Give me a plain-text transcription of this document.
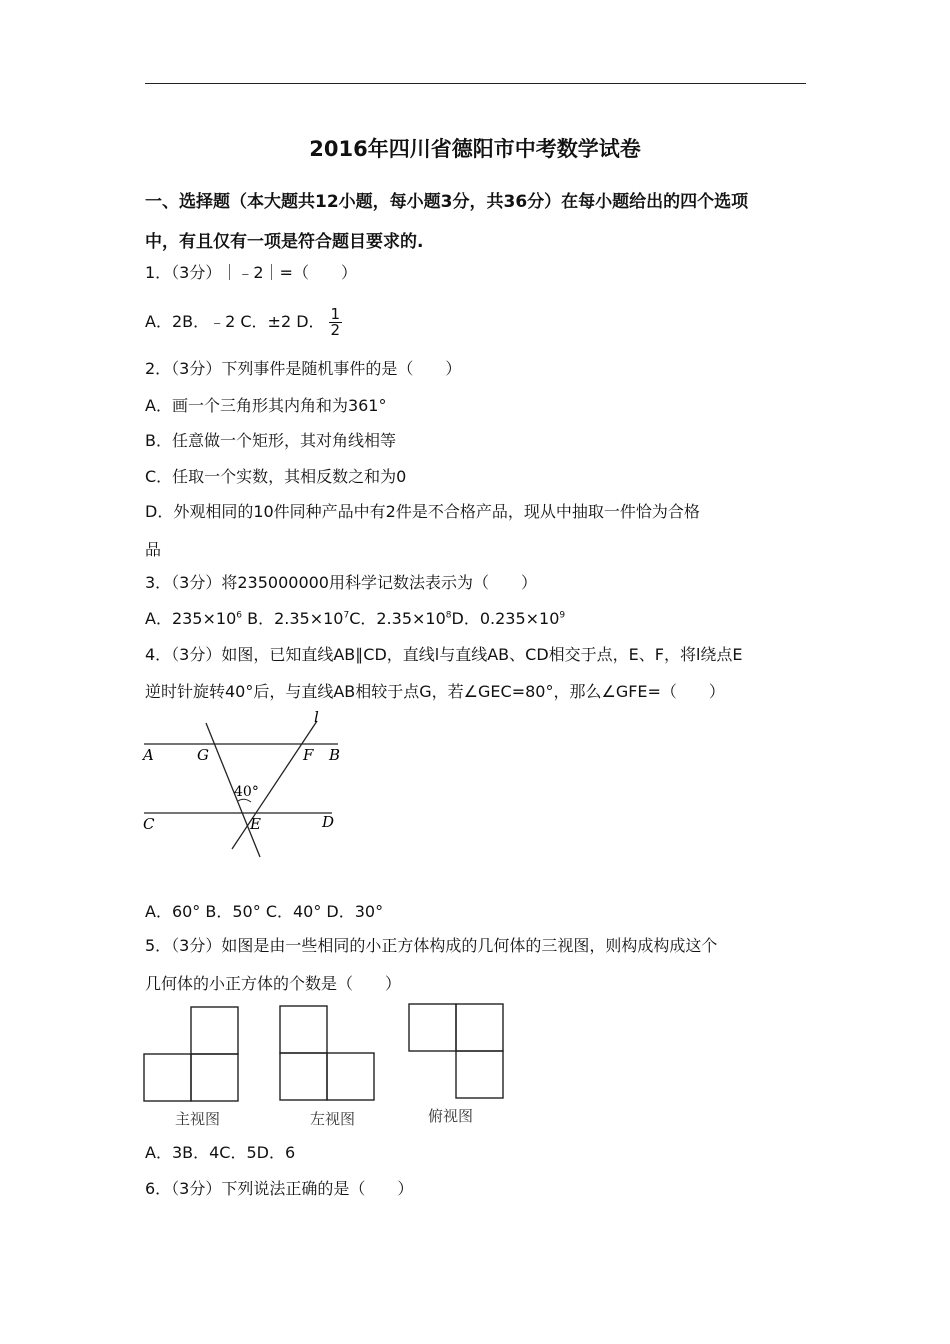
2016年四川省德阳市中考数学试卷
一、选择题（本大题共12小题，每小题3分，共36分）在每小题给出的四个选项
中，有且仅有一项是符合题目要求的.
1．（3分）｜﹣2｜=（　　）
A．2B．﹣2 C．±2 D． $\frac{1}{2}$
2．（3分）下列事件是随机事件的是（　　）
A．画一个三角形其内角和为361°
B．任意做一个矩形，其对角线相等
C．任取一个实数，其相反数之和为0
D．外观相同的10件同种产品中有2件是不合格产品，现从中抽取一件恰为合格
品
3．（3分）将235000000用科学记数法表示为（　　）
A．$235\times 10^6$ B．$2.35\times 10^7C$．$2.35\times 10^8D$．$0.235\times 10^9$
4．（3分）如图，已知直线AB∥CD，直线l与直线AB、CD相交于点，E、F，将l绕点E
逆时针旋转40°后，与直线AB相较于点G，若∠GEC=80°，那么∠GFE=（　　）
l
A	G	F B
40°
C	E	D
A．60° B．50° C．40° D．30°
5．（3分）如图是由一些相同的小正方体构成的几何体的三视图，则构成构成这个
几何体的小正方体的个数是（　　）
主视图	左视图	俯视图
A．3B．4C．5D．6
6．（3分）下列说法正确的是（　　）
